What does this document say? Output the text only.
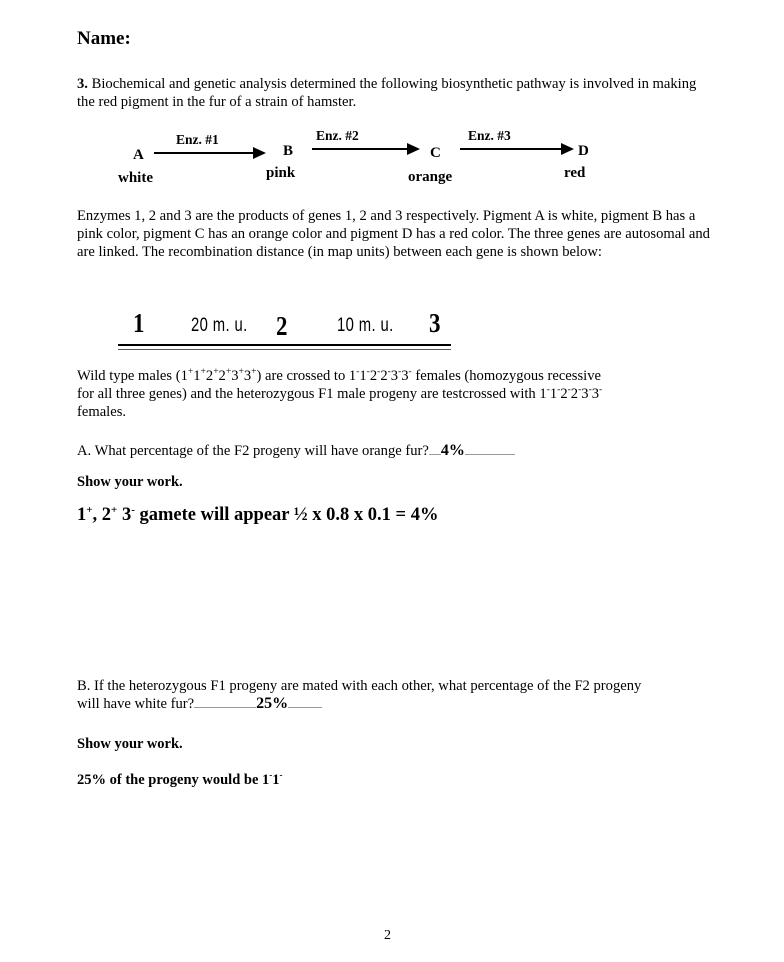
Name:
3. Biochemical and genetic analysis determined the following biosynthetic pathway is involved in making the red pigment in the fur of a strain of hamster.
Enz. #1	Enz. #2	Enz. #3
A	B	C	D
white	pink	orange	red
Enzymes 1, 2 and 3 are the products of genes 1, 2 and 3 respectively. Pigment A is white, pigment B has a pink color, pigment C has an orange color and pigment D has a red color. The three genes are autosomal and are linked. The recombination distance (in map units) between each gene is shown below:
1 20 m. u. 2	10 m. u. 3
Wild type males (1+1+2+2+3+3+) are crossed to 1-1-2-2-3-3- females (homozygous recessive
for all three genes) and the heterozygous F1 male progeny are testcrossed with 1-1-2-2-3-3-
females.
A. What percentage of the F2 progeny will have orange fur? 4%
Show your work.
1+, 2+ 3- gamete will appear ½ x 0.8 x 0.1 = 4%
B. If the heterozygous F1 progeny are mated with each other, what percentage of the F2 progeny
will have white fur?	25%
Show your work.
25% of the progeny would be 1-1-
2
